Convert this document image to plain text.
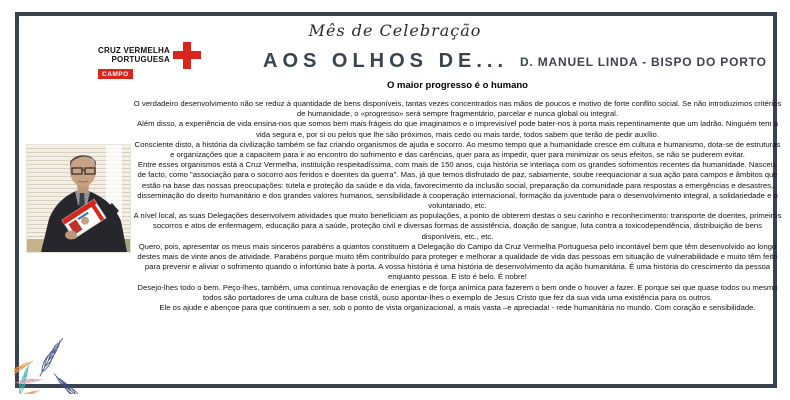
Mês de Celebração
CRUZ VERMELHA
PORTUGUESA
CAMPO
AOS OLHOS DE... D. MANUEL LINDA - BISPO DO PORTO
O maior progresso é o humano

O verdadeiro desenvolvimento não se reduz à quantidade de bens disponíveis, tantas vezes concentrados nas mãos de poucos e motivo de forte conflito social. Se não introduzimos critérios de humanidade, o «progresso» será sempre fragmentário, parcelar e nunca global ou integral.

Além disso, a experiência de vida ensina-nos que somos bem mais frágeis do que imaginamos e o imprevisível pode bater-nos à porta mais repentinamente que um ladrão. Ninguém tem a vida segura e, por si ou pelos que lhe são próximos, mais cedo ou mais tarde, todos sabem que terão de pedir auxílio.

Consciente disto, a história da civilização também se faz criando organismos de ajuda e socorro. Ao mesmo tempo que a humanidade cresce em cultura e humanismo, dota-se de estruturas e organizações que a capacitem para ir ao encontro do sofrimento e das carências, quer para as impedir, quer para minimizar os seus efeitos, se não se puderem evitar.

Entre esses organismos está a Cruz Vermelha, instituição respeitadíssima, com mais de 150 anos, cuja história se interlaça com os grandes sofrimentos recentes da humanidade. Nasceu, de facto, como "associação para o socorro aos feridos e doentes da guerra". Mas, já que temos disfrutado de paz, sabiamente, soube reequacionar a sua ação para campos e âmbitos que estão na base das nossas preocupações: tutela e proteção da saúde e da vida, favorecimento da inclusão social, preparação da comunidade para respostas a emergências e desastres, disseminação do direito humanitário e dos grandes valores humanos, sensibilidade à cooperação internacional, formação da juventude para o desenvolvimento integral, a solidariedade e o voluntariado, etc.

A nível local, as suas Delegações desenvolvem atividades que muito beneficiam as populações, a ponto de obterem destas o seu carinho e reconhecimento: transporte de doentes, primeiros socorros e atos de enfermagem, educação para a saúde, proteção civil e diversas formas de assistência, doação de sangue, luta contra a toxicodependência, distribuição de bens disponíveis, etc., etc.

Quero, pois, apresentar os meus mais sinceros parabéns a quantos constituem a Delegação do Campo da Cruz Vermelha Portuguesa pelo incontável bem que têm desenvolvido ao longo destes mais de vinte anos de atividade. Parabéns porque muito têm contribuído para proteger e melhorar a qualidade de vida das pessoas em situação de vulnerabilidade e muito têm feito para prevenir e aliviar o sofrimento quando o infortúnio bate à porta. A vossa história é uma história de desenvolvimento da ação humanitária. É uma história do crescimento da pessoa enquanto pessoa. E isto é belo. É nobre!

Desejo-lhes todo o bem. Peço-lhes, também, uma contínua renovação de energias e de força anímica para fazerem o bem onde o houver a fazer. E porque sei que quase todos ou mesmo todos são portadores de uma cultura de base cristã, ouso apontar-lhes o exemplo de Jesus Cristo que fez da sua vida uma existência para os outros.

Ele os ajude e abençoe para que continuem a ser, sob o ponto de vista organizacional, a mais vasta –e apreciada! - rede humanitária no mundo. Com coração e sensibilidade.
